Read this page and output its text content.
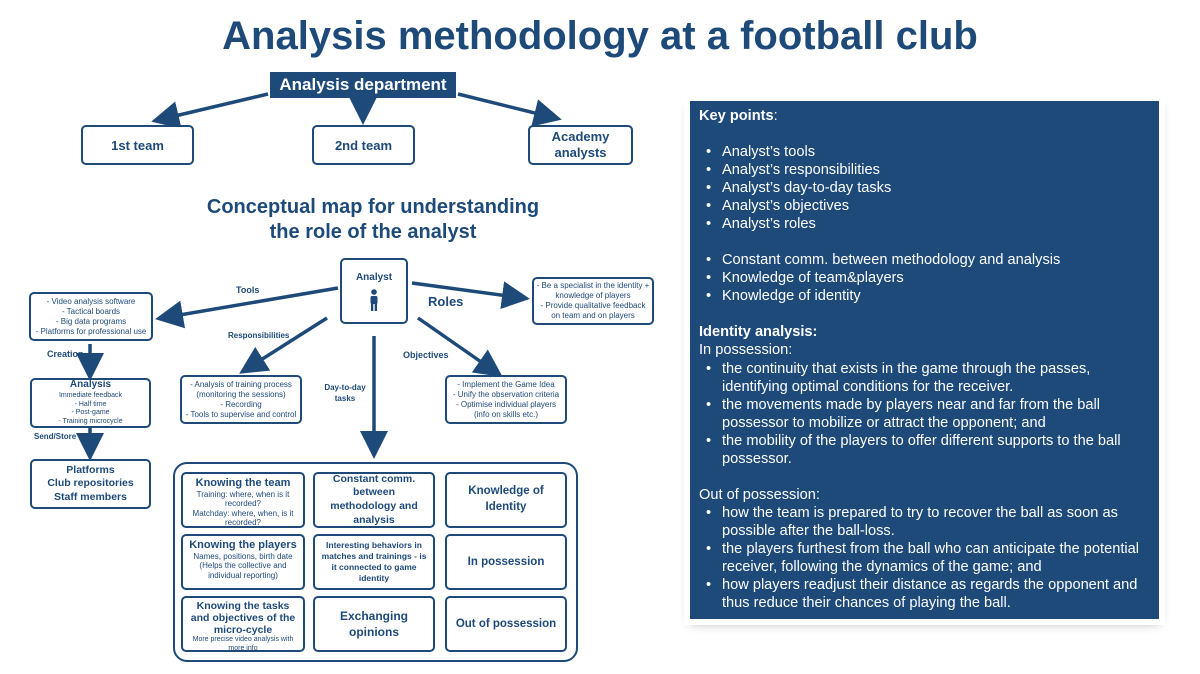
Analysis methodology at a football club
Analysis department
1st team	2nd team
Academy analysts
Conceptual map for understanding
the role of the analyst
Analyst
Tools
Roles
Responsibilities
Objectives
Day-to-day
tasks
Creation
Send/Store
- Video analysis software
- Tactical boards
- Big data programs
- Platforms for professional use
- Be a specialist in the identity +
knowledge of players
- Provide qualitative feedback
on team and on players
- Analysis of training process
(monitoring the sessions)
- Recording
- Tools to supervise and control
- Implement the Game Idea
- Unify the observation criteria
- Optimise individual players
(info on skills etc.)
Analysis
Immediate feedback
- Half time
- Post-game
- Training microcycle
Platforms
Club repositories
Staff members
Knowing the team
Training: where, when is it recorded?
Matchday: where, when, is it recorded?
Constant comm. between methodology and analysis
Knowledge of Identity
Knowing the players
Names, positions, birth date
(Helps the collective and individual reporting)
Interesting behaviors in matches and trainings - is it connected to game identity
In possession
Knowing the tasks and objectives of the micro-cycle
More precise video analysis with more info
Exchanging opinions
Out of possession
Key points:
• Analyst’s tools
• Analyst’s responsibilities
• Analyst’s day-to-day tasks
• Analyst’s objectives
• Analyst’s roles
• Constant comm. between methodology and analysis
• Knowledge of team&players
• Knowledge of identity
Identity analysis:
In possession:
• the continuity that exists in the game through the passes, identifying optimal conditions for the receiver.
• the movements made by players near and far from the ball possessor to mobilize or attract the opponent; and
• the mobility of the players to offer different supports to the ball possessor.
Out of possession:
• how the team is prepared to try to recover the ball as soon as possible after the ball-loss.
• the players furthest from the ball who can anticipate the potential receiver, following the dynamics of the game; and
• how players readjust their distance as regards the opponent and thus reduce their chances of playing the ball.
